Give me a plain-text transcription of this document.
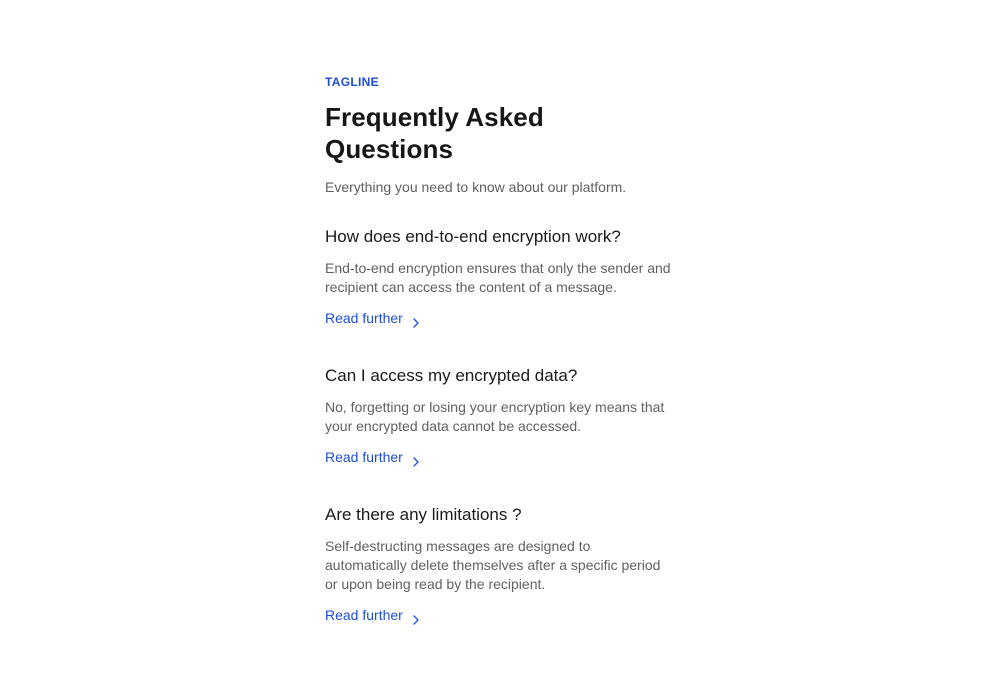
TAGLINE
Frequently Asked Questions

Everything you need to know about our platform.

How does end-to-end encryption work?

End-to-end encryption ensures that only the sender and recipient can access the content of a message.

Read further
Can I access my encrypted data?

No, forgetting or losing your encryption key means that your encrypted data cannot be accessed.

Read further
Are there any limitations ?

Self-destructing messages are designed to automatically delete themselves after a specific period or upon being read by the recipient.

Read further
